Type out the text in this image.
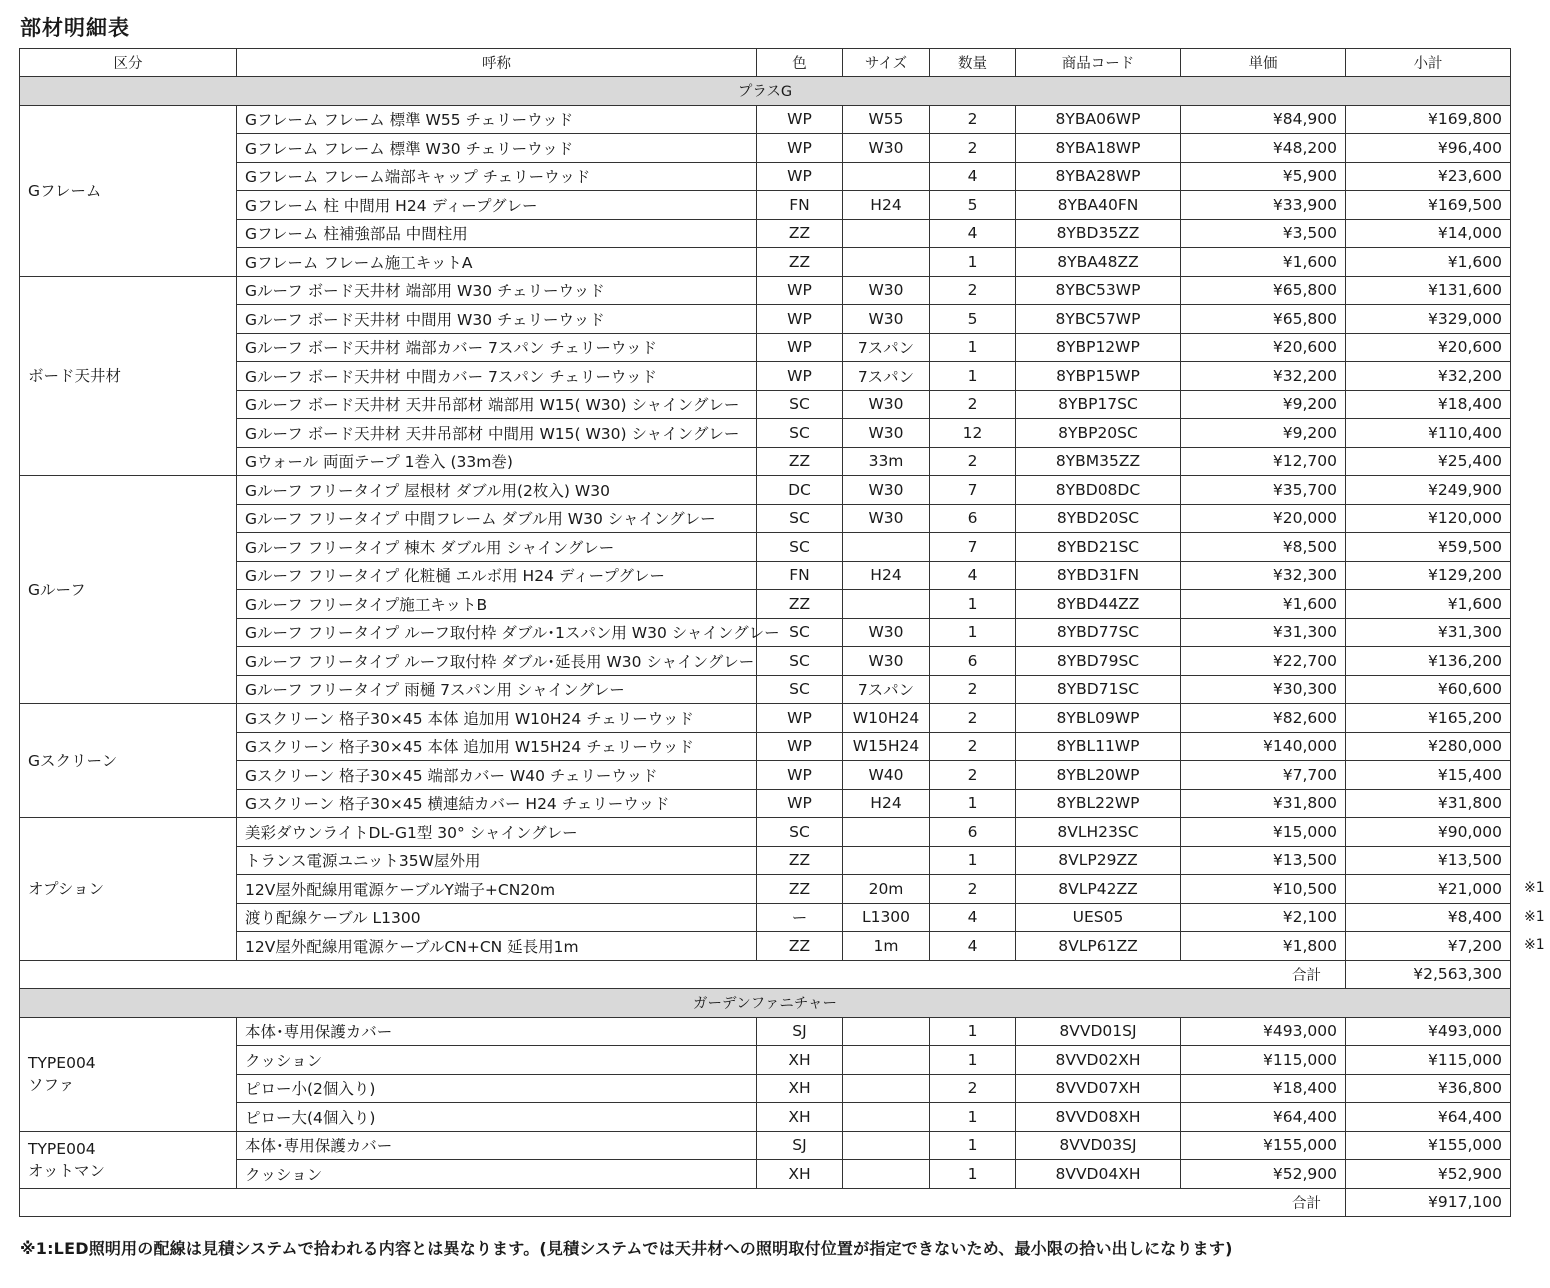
部材明細表
区分	呼称	色	サイズ	数量	商品コード	単価	小計
プラスG							
Gフレーム	Gフレーム フレーム 標準 W55 チェリーウッド	WP	W55	2	8YBA06WP	¥84,900	¥169,800
	Gフレーム フレーム 標準 W30 チェリーウッド	WP	W30	2	8YBA18WP	¥48,200	¥96,400
	Gフレーム フレーム端部キャップ チェリーウッド	WP		4	8YBA28WP	¥5,900	¥23,600
	Gフレーム 柱 中間用 H24 ディープグレー	FN	H24	5	8YBA40FN	¥33,900	¥169,500
	Gフレーム 柱補強部品 中間柱用	ZZ		4	8YBD35ZZ	¥3,500	¥14,000
	Gフレーム フレーム施工キットA	ZZ		1	8YBA48ZZ	¥1,600	¥1,600
ボード天井材	Gルーフ ボード天井材 端部用 W30 チェリーウッド	WP	W30	2	8YBC53WP	¥65,800	¥131,600
	Gルーフ ボード天井材 中間用 W30 チェリーウッド	WP	W30	5	8YBC57WP	¥65,800	¥329,000
	Gルーフ ボード天井材 端部カバー 7スパン チェリーウッド	WP	7スパン	1	8YBP12WP	¥20,600	¥20,600
	Gルーフ ボード天井材 中間カバー 7スパン チェリーウッド	WP	7スパン	1	8YBP15WP	¥32,200	¥32,200
	Gルーフ ボード天井材 天井吊部材 端部用 W15( W30) シャイングレー	SC	W30	2	8YBP17SC	¥9,200	¥18,400
	Gルーフ ボード天井材 天井吊部材 中間用 W15( W30) シャイングレー	SC	W30	12	8YBP20SC	¥9,200	¥110,400
	Gウォール 両面テープ 1巻入 (33m巻)	ZZ	33m	2	8YBM35ZZ	¥12,700	¥25,400
Gルーフ	Gルーフ フリータイプ 屋根材 ダブル用(2枚入) W30	DC	W30	7	8YBD08DC	¥35,700	¥249,900
	Gルーフ フリータイプ 中間フレーム ダブル用 W30 シャイングレー	SC	W30	6	8YBD20SC	¥20,000	¥120,000
	Gルーフ フリータイプ 棟木 ダブル用 シャイングレー	SC		7	8YBD21SC	¥8,500	¥59,500
	Gルーフ フリータイプ 化粧樋 エルボ用 H24 ディープグレー	FN	H24	4	8YBD31FN	¥32,300	¥129,200
	Gルーフ フリータイプ施工キットB	ZZ		1	8YBD44ZZ	¥1,600	¥1,600
	Gルーフ フリータイプ ルーフ取付枠 ダブル･1スパン用 W30 シャイングレー	SC	W30	1	8YBD77SC	¥31,300	¥31,300
	Gルーフ フリータイプ ルーフ取付枠 ダブル･延長用 W30 シャイングレー	SC	W30	6	8YBD79SC	¥22,700	¥136,200
	Gルーフ フリータイプ 雨樋 7スパン用 シャイングレー	SC	7スパン	2	8YBD71SC	¥30,300	¥60,600
Gスクリーン	Gスクリーン 格子30×45 本体 追加用 W10H24 チェリーウッド	WP	W10H24	2	8YBL09WP	¥82,600	¥165,200
	Gスクリーン 格子30×45 本体 追加用 W15H24 チェリーウッド	WP	W15H24	2	8YBL11WP	¥140,000	¥280,000
	Gスクリーン 格子30×45 端部カバー W40 チェリーウッド	WP	W40	2	8YBL20WP	¥7,700	¥15,400
	Gスクリーン 格子30×45 横連結カバー H24 チェリーウッド	WP	H24	1	8YBL22WP	¥31,800	¥31,800
オプション	美彩ダウンライトDL-G1型 30° シャイングレー	SC		6	8VLH23SC	¥15,000	¥90,000
	トランス電源ユニット35W屋外用	ZZ		1	8VLP29ZZ	¥13,500	¥13,500
	12V屋外配線用電源ケーブルY端子+CN20m	ZZ	20m	2	8VLP42ZZ	¥10,500	¥21,000 ※1

	渡り配線ケーブル L1300	ー	L1300	4	UES05	¥2,100	¥8,400 ※1

	12V屋外配線用電源ケーブルCN+CN 延長用1m	ZZ	1m	4	8VLP61ZZ	¥1,800	¥7,200 ※1

合計							¥2,563,300
ガーデンファニチャー							
TYPE004
ソファ	本体･専用保護カバー	SJ		1	8VVD01SJ	¥493,000	¥493,000
	クッション	XH		1	8VVD02XH	¥115,000	¥115,000
	ピロー小(2個入り)	XH		2	8VVD07XH	¥18,400	¥36,800
	ピロー大(4個入り)	XH		1	8VVD08XH	¥64,400	¥64,400
TYPE004
オットマン	本体･専用保護カバー	SJ		1	8VVD03SJ	¥155,000	¥155,000
	クッション	XH		1	8VVD04XH	¥52,900	¥52,900
合計							¥917,100
※1:LED照明用の配線は見積システムで拾われる内容とは異なります。(見積システムでは天井材への照明取付位置が指定できないため、最小限の拾い出しになります)
